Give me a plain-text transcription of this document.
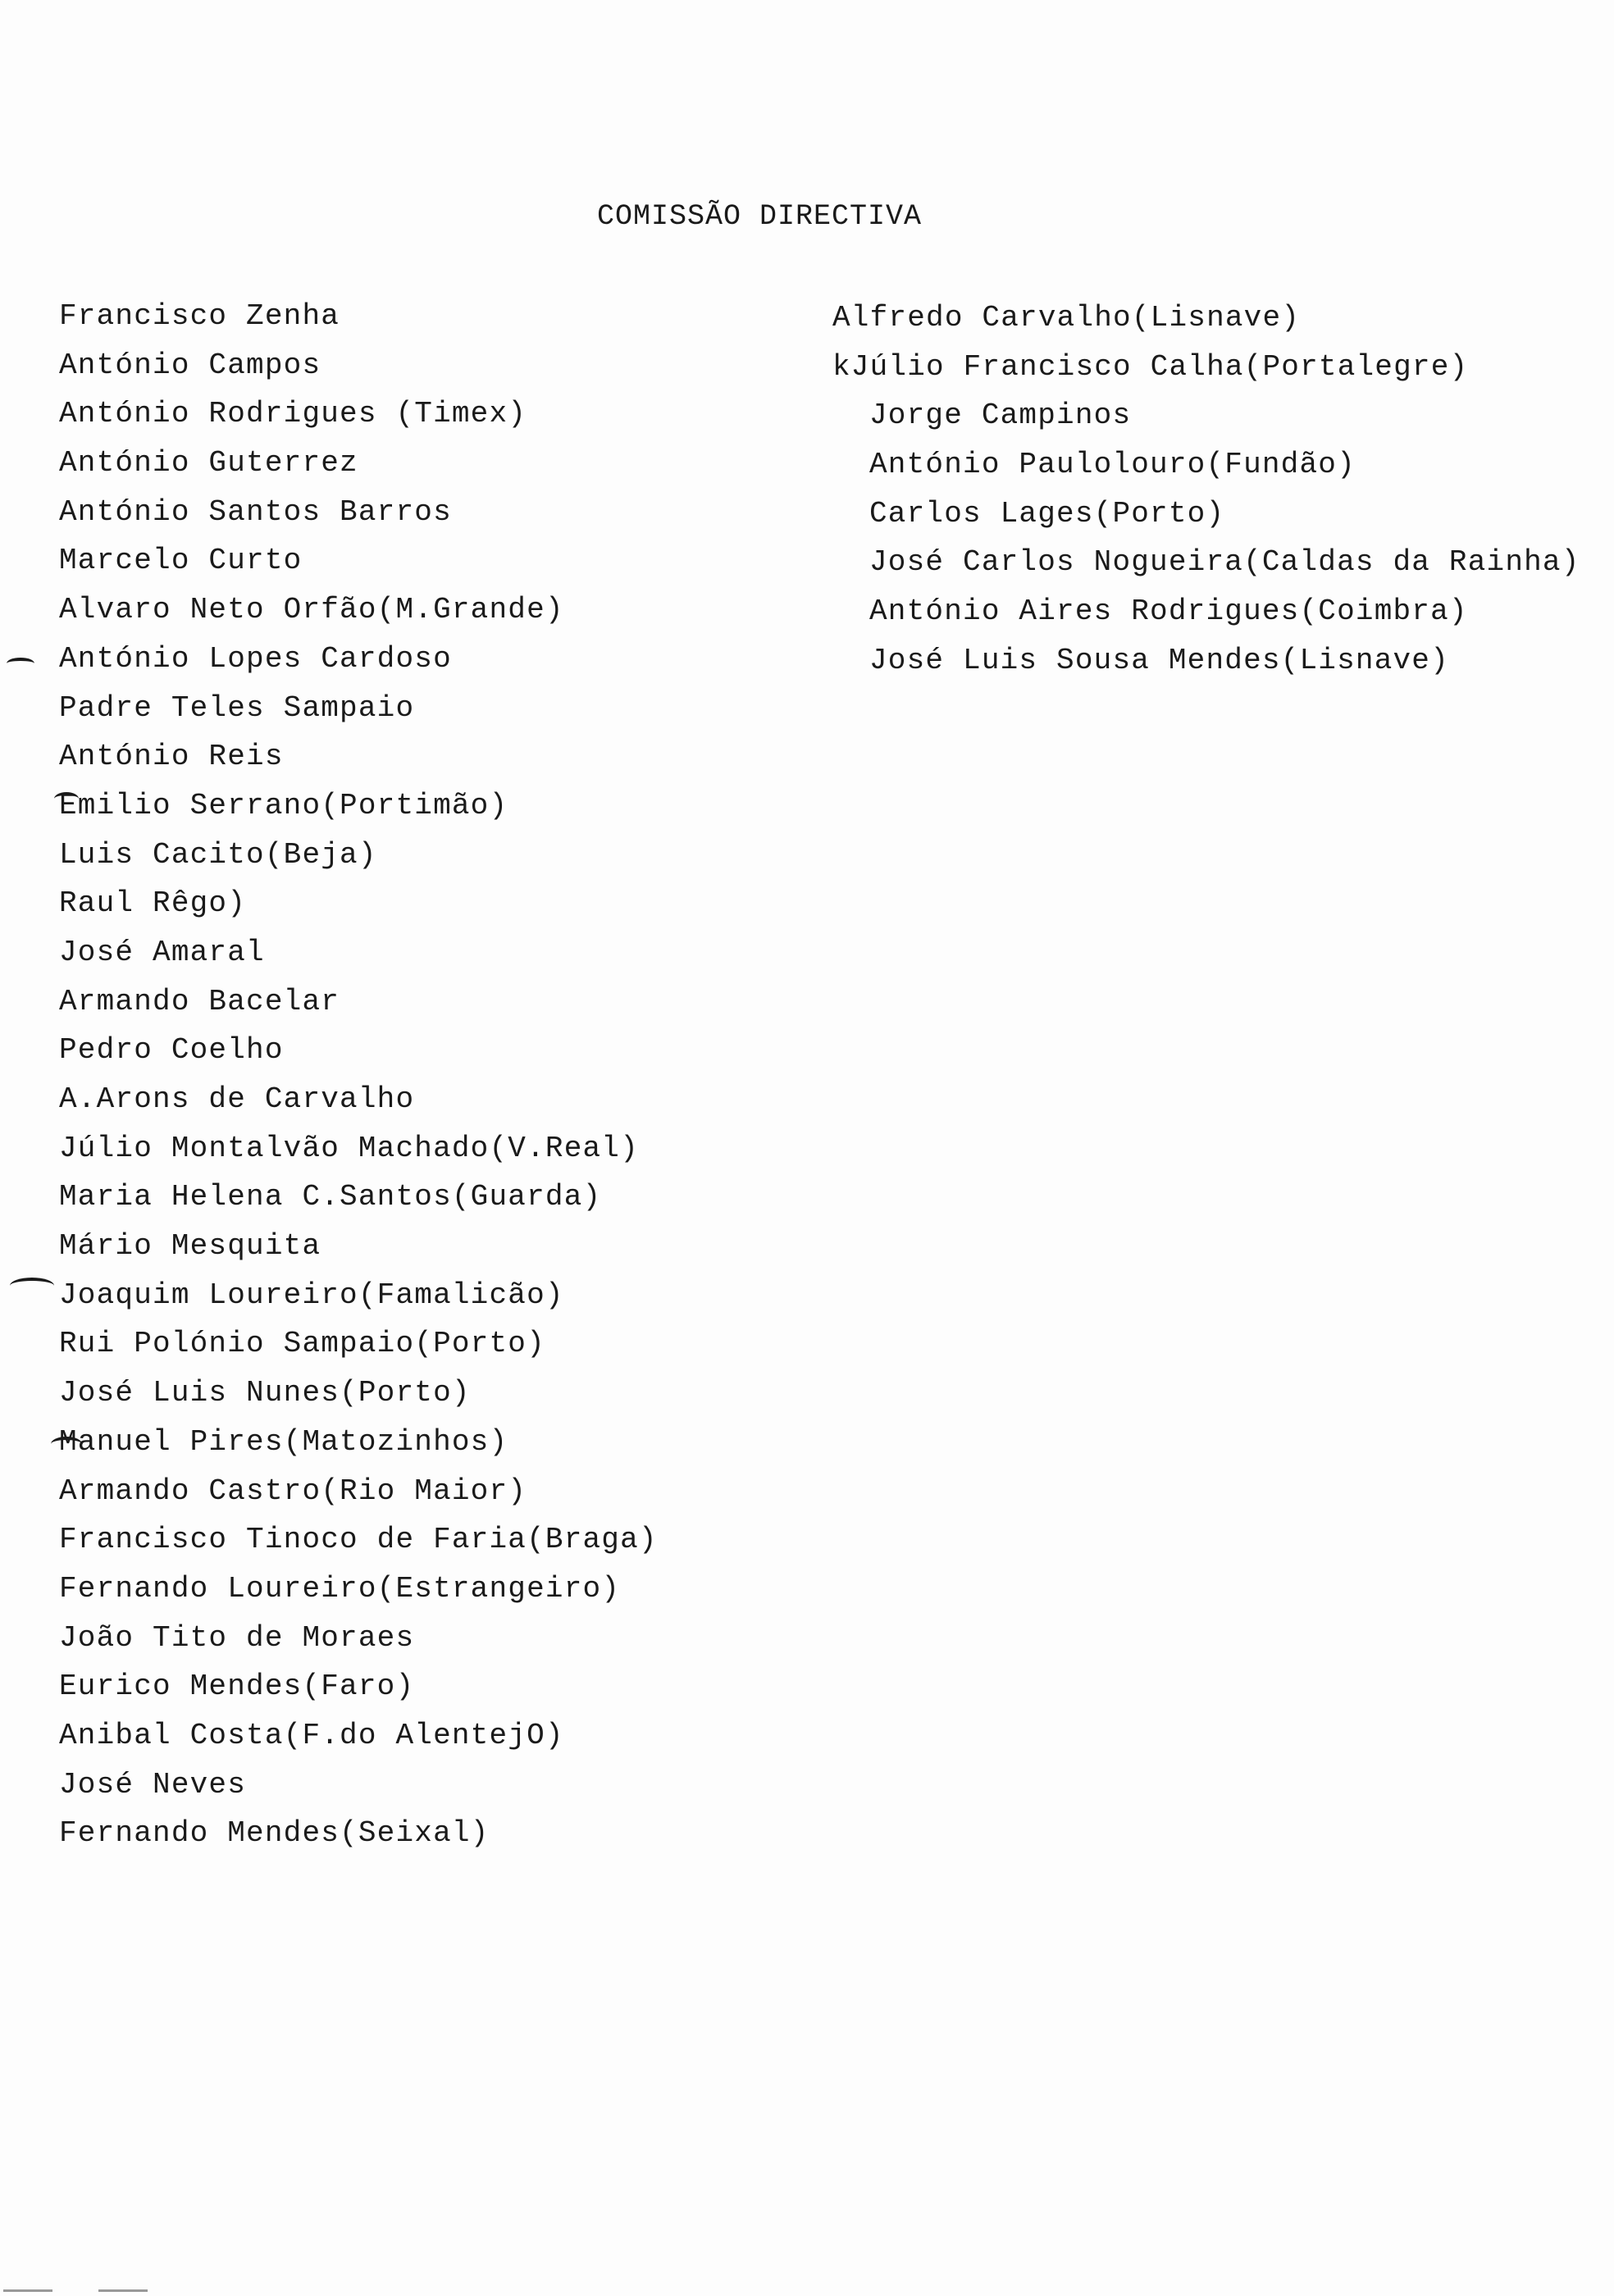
COMISSÃO DIRECTIVA
Francisco Zenha
António Campos
António Rodrigues (Timex)
António Guterrez
António Santos Barros
Marcelo Curto
Alvaro Neto Orfão(M.Grande)
António Lopes Cardoso
Padre Teles Sampaio
António Reis
Emilio Serrano(Portimão)
Luis Cacito(Beja)
Raul Rêgo)
José Amaral
Armando Bacelar
Pedro Coelho
A.Arons de Carvalho
Júlio Montalvão Machado(V.Real)
Maria Helena C.Santos(Guarda)
Mário Mesquita
Joaquim Loureiro(Famalicão)
Rui Polónio Sampaio(Porto)
José Luis Nunes(Porto)
Manuel Pires(Matozinhos)
Armando Castro(Rio Maior)
Francisco Tinoco de Faria(Braga)
Fernando Loureiro(Estrangeiro)
João Tito de Moraes
Eurico Mendes(Faro)
Anibal Costa(F.do AlentejO)
José Neves
Fernando Mendes(Seixal)
Alfredo Carvalho(Lisnave)
kJúlio Francisco Calha(Portalegre)
Jorge Campinos
António Paulolouro(Fundão)
Carlos Lages(Porto)
José Carlos Nogueira(Caldas da Rainha)
António Aires Rodrigues(Coimbra)
José Luis Sousa Mendes(Lisnave)
